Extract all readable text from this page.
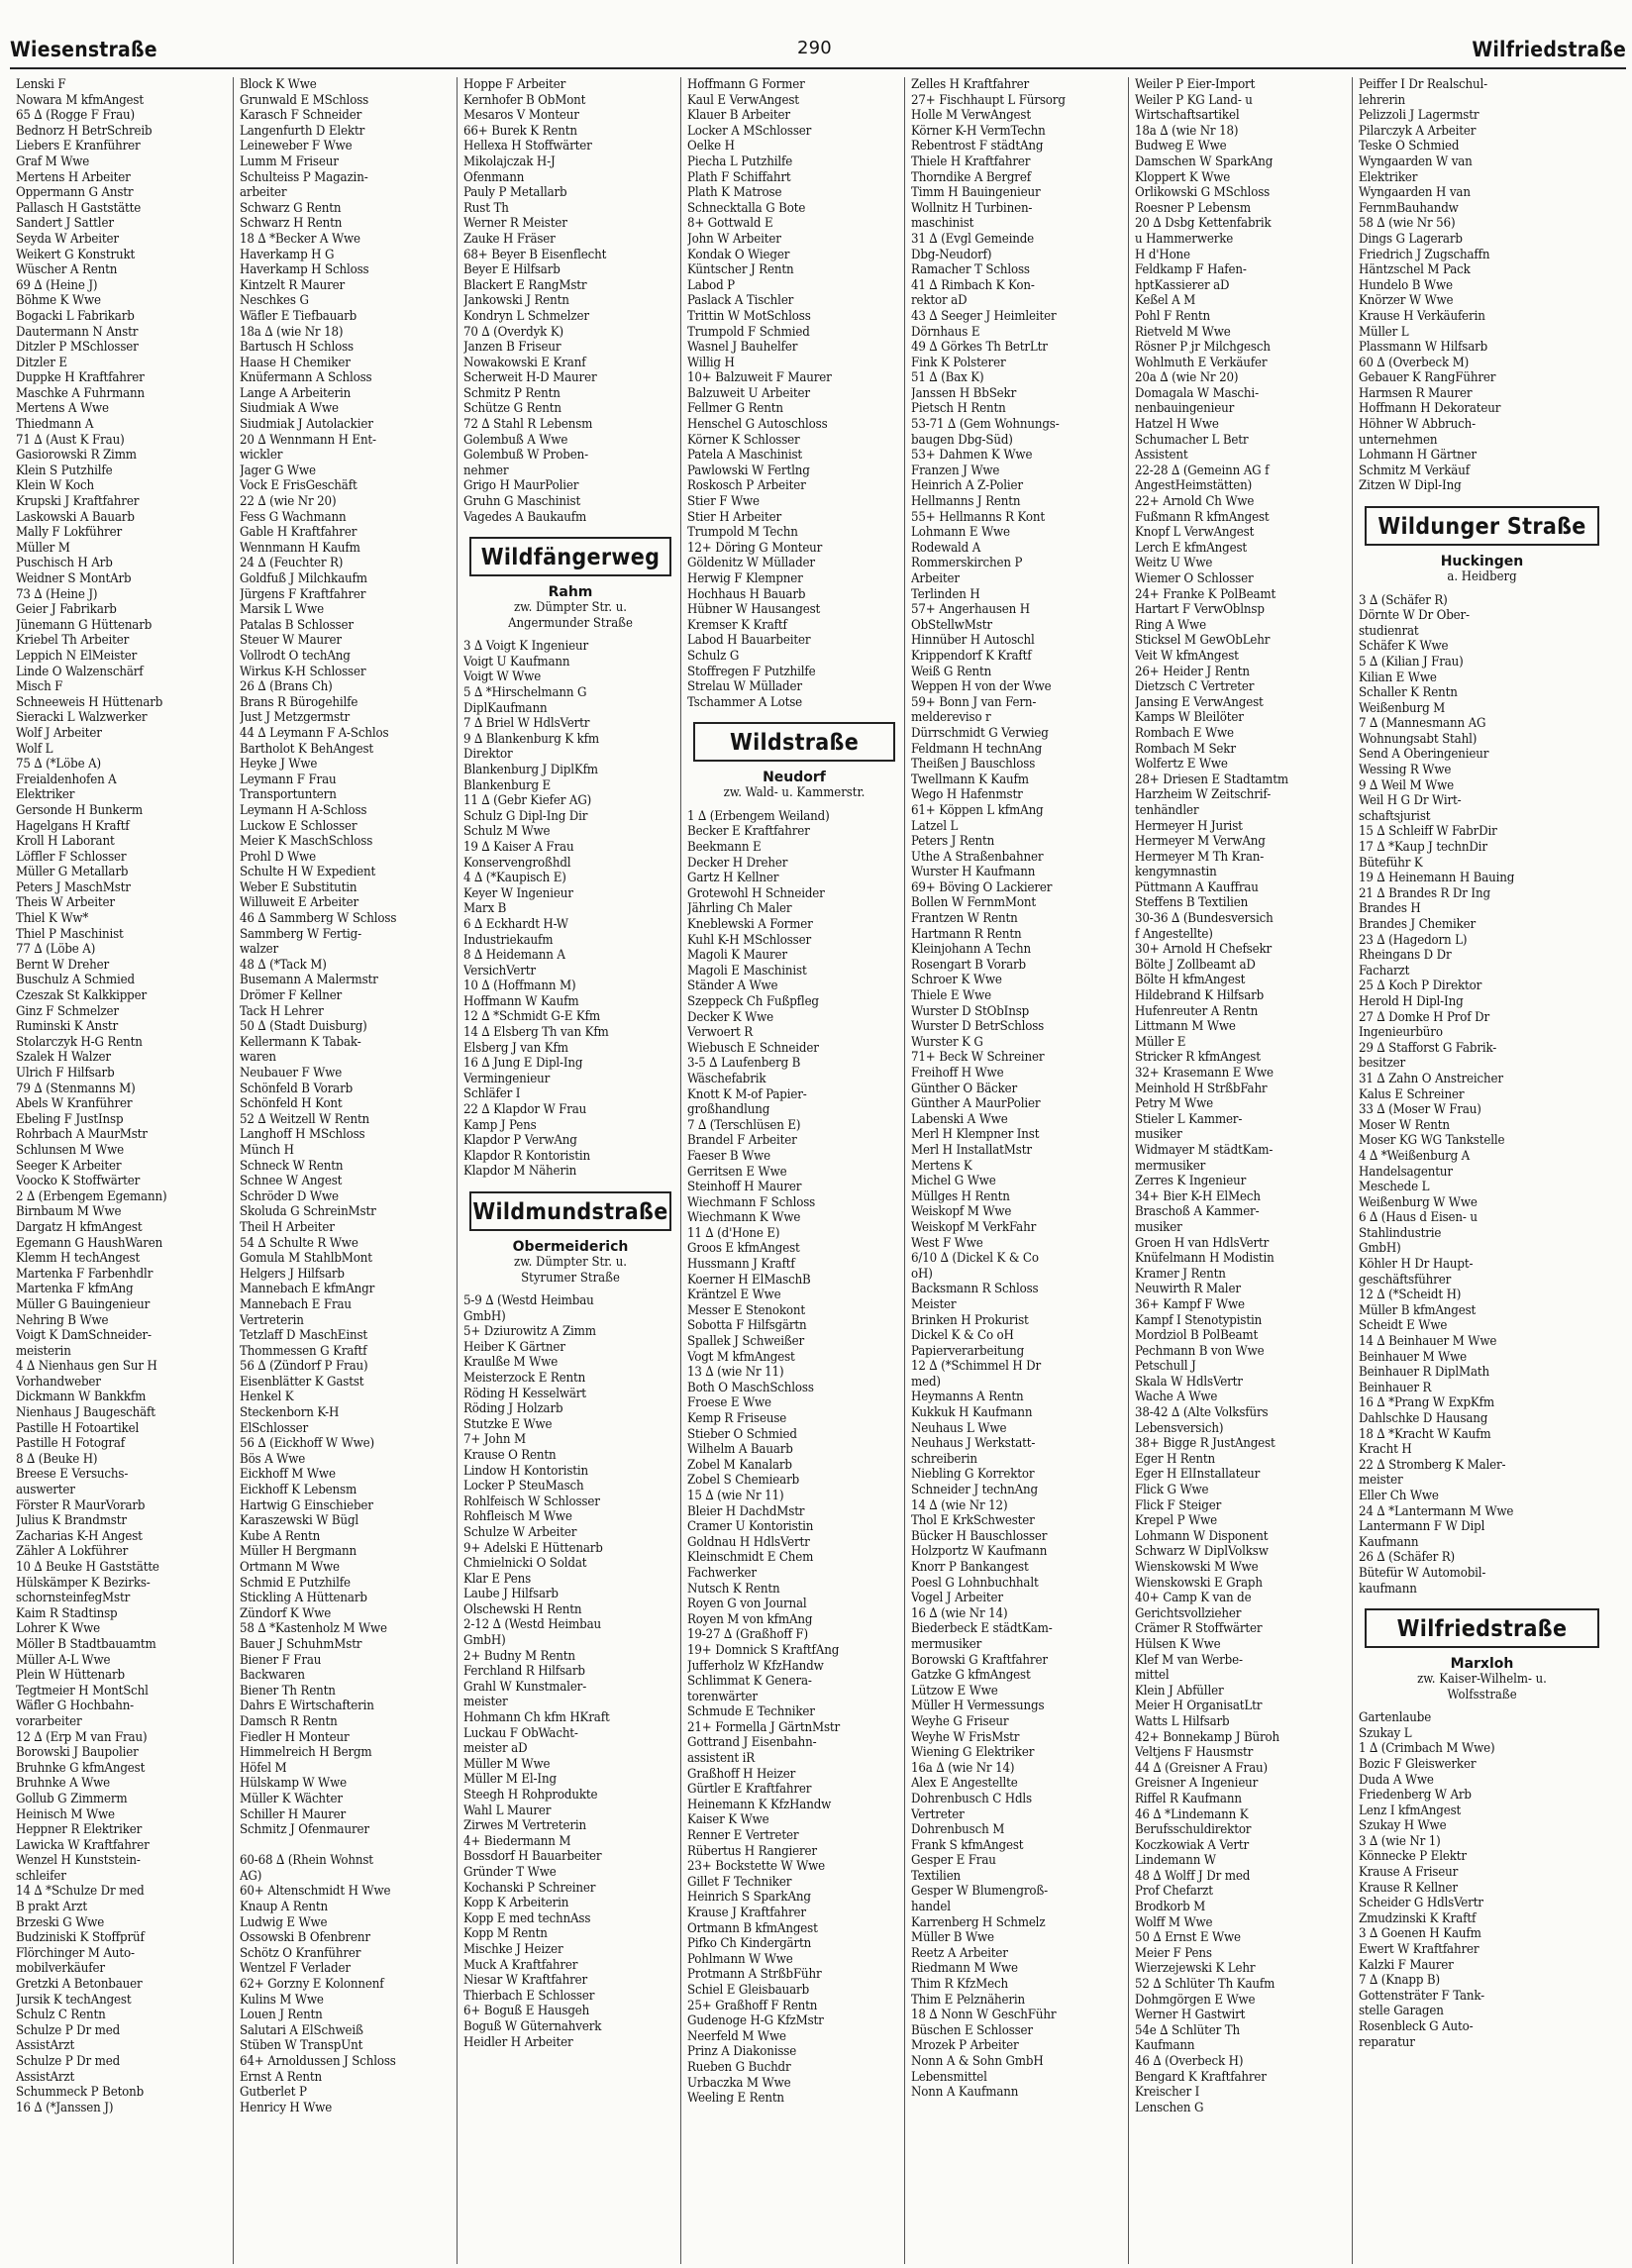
Wiesenstraße	290	Wilfriedstraße
Lenski F
Nowara M kfmAngest
65 ∆ (Rogge F Frau)
Bednorz H BetrSchreib
Liebers E Kranführer
Graf M Wwe
Mertens H Arbeiter
Oppermann G Anstr
Pallasch H Gaststätte
Sandert J Sattler
Seyda W Arbeiter
Weikert G Konstrukt
Wüscher A Rentn
69 ∆ (Heine J)
Böhme K Wwe
Bogacki L Fabrikarb
Dautermann N Anstr
Ditzler P MSchlosser
Ditzler E
Duppke H Kraftfahrer
Maschke A Fuhrmann
Mertens A Wwe
Thiedmann A
71 ∆ (Aust K Frau)
Gasiorowski R Zimm
Klein S Putzhilfe
Klein W Koch
Krupski J Kraftfahrer
Laskowski A Bauarb
Mally F Lokführer
Müller M
Puschisch H Arb
Weidner S MontArb
73 ∆ (Heine J)
Geier J Fabrikarb
Jünemann G Hüttenarb
Kriebel Th Arbeiter
Leppich N ElMeister
Linde O Walzenschärf
Misch F
Schneeweis H Hüttenarb
Sieracki L Walzwerker
Wolf J Arbeiter
Wolf L
75 ∆ (*Löbe A)
Freialdenhofen A
Elektriker
Gersonde H Bunkerm
Hagelgans H Kraftf
Kroll H Laborant
Löffler F Schlosser
Müller G Metallarb
Peters J MaschMstr
Theis W Arbeiter
Thiel K Ww*
Thiel P Maschinist
77 ∆ (Löbe A)
Bernt W Dreher
Buschulz A Schmied
Czeszak St Kalkkipper
Ginz F Schmelzer
Ruminski K Anstr
Stolarczyk H-G Rentn
Szalek H Walzer
Ulrich F Hilfsarb
79 ∆ (Stenmanns M)
Abels W Kranführer
Ebeling F JustInsp
Rohrbach A MaurMstr
Schlunsen M Wwe
Seeger K Arbeiter
Voocko K Stoffwärter
2 ∆ (Erbengem Egemann)
Birnbaum M Wwe
Dargatz H kfmAngest
Egemann G HaushWaren
Klemm H techAngest
Martenka F Farbenhdlr
Martenka F kfmAng
Müller G Bauingenieur
Nehring B Wwe
Voigt K DamSchneider-
meisterin
4 ∆ Nienhaus gen Sur H
Vorhandweber
Dickmann W Bankkfm
Nienhaus J Baugeschäft
Pastille H Fotoartikel
Pastille H Fotograf
8 ∆ (Beuke H)
Breese E Versuchs-
auswerter
Förster R MaurVorarb
Julius K Brandmstr
Zacharias K-H Angest
Zähler A Lokführer
10 ∆ Beuke H Gaststätte
Hülskämper K Bezirks-
schornsteinfegMstr
Kaim R Stadtinsp
Lohrer K Wwe
Möller B Stadtbauamtm
Müller A-L Wwe
Plein W Hüttenarb
Tegtmeier H MontSchl
Wäfler G Hochbahn-
vorarbeiter
12 ∆ (Erp M van Frau)
Borowski J Baupolier
Bruhnke G kfmAngest
Bruhnke A Wwe
Gollub G Zimmerm
Heinisch M Wwe
Heppner R Elektriker
Lawicka W Kraftfahrer
Wenzel H Kunststein-
schleifer
14 ∆ *Schulze Dr med
B prakt Arzt
Brzeski G Wwe
Budziniski K Stoffprüf
Flörchinger M Auto-
mobilverkäufer
Gretzki A Betonbauer
Jursik K techAngest
Schulz C Rentn
Schulze P Dr med
AssistArzt
Schulze P Dr med
AssistArzt
Schummeck P Betonb
16 ∆ (*Janssen J)
Block K Wwe
Grunwald E MSchloss
Karasch F Schneider
Langenfurth D Elektr
Leineweber F Wwe
Lumm M Friseur
Schulteiss P Magazin-
arbeiter
Schwarz G Rentn
Schwarz H Rentn
18 ∆ *Becker A Wwe
Haverkamp H G
Haverkamp H Schloss
Kintzelt R Maurer
Neschkes G
Wäfler E Tiefbauarb
18a ∆ (wie Nr 18)
Bartusch H Schloss
Haase H Chemiker
Knüfermann A Schloss
Lange A Arbeiterin
Siudmiak A Wwe
Siudmiak J Autolackier
20 ∆ Wennmann H Ent-
wickler
Jager G Wwe
Vock E FrisGeschäft
22 ∆ (wie Nr 20)
Fess G Wachmann
Gable H Kraftfahrer
Wennmann H Kaufm
24 ∆ (Feuchter R)
Goldfuß J Milchkaufm
Jürgens F Kraftfahrer
Marsik L Wwe
Patalas B Schlosser
Steuer W Maurer
Vollrodt O techAng
Wirkus K-H Schlosser
26 ∆ (Brans Ch)
Brans R Bürogehilfe
Just J Metzgermstr
44 ∆ Leymann F A-Schlos
Bartholot K BehAngest
Heyke J Wwe
Leymann F Frau
Transportuntern
Leymann H A-Schloss
Luckow E Schlosser
Meier K MaschSchloss
Prohl D Wwe
Schulte H W Expedient
Weber E Substitutin
Willuweit E Arbeiter
46 ∆ Sammberg W Schloss
Sammberg W Fertig-
walzer
48 ∆ (*Tack M)
Busemann A Malermstr
Drömer F Kellner
Tack H Lehrer
50 ∆ (Stadt Duisburg)
Kellermann K Tabak-
waren
Neubauer F Wwe
Schönfeld B Vorarb
Schönfeld H Kont
52 ∆ Weitzell W Rentn
Langhoff H MSchloss
Münch H
Schneck W Rentn
Schnee W Angest
Schröder D Wwe
Skoluda G SchreinMstr
Theil H Arbeiter
54 ∆ Schulte R Wwe
Gomula M StahlbMont
Helgers J Hilfsarb
Mannebach E kfmAngr
Mannebach E Frau
Vertreterin
Tetzlaff D MaschEinst
Thommessen G Kraftf
56 ∆ (Zündorf P Frau)
Eisenblätter K Gastst
Henkel K
Steckenborn K-H
ElSchlosser
56 ∆ (Eickhoff W Wwe)
Bös A Wwe
Eickhoff M Wwe
Eickhoff K Lebensm
Hartwig G Einschieber
Karaszewski W Bügl
Kube A Rentn
Müller H Bergmann
Ortmann M Wwe
Schmid E Putzhilfe
Stickling A Hüttenarb
Zündorf K Wwe
58 ∆ *Kastenholz M Wwe
Bauer J SchuhmMstr
Biener F Frau
Backwaren
Biener Th Rentn
Dahrs E Wirtschafterin
Damsch R Rentn
Fiedler H Monteur
Himmelreich H Bergm
Höfel M
Hülskamp W Wwe
Müller K Wächter
Schiller H Maurer
Schmitz J Ofenmaurer

60-68 ∆ (Rhein Wohnst
AG)
60+ Altenschmidt H Wwe
Knaup A Rentn
Ludwig E Wwe
Ossowski B Ofenbrenr
Schötz O Kranführer
Wentzel F Verlader
62+ Gorzny E Kolonnenf
Kulins M Wwe
Louen J Rentn
Salutari A ElSchweiß
Stüben W TranspUnt
64+ Arnoldussen J Schloss
Ernst A Rentn
Gutberlet P
Henricy H Wwe
Hoppe F Arbeiter
Kernhofer B ObMont
Mesaros V Monteur
66+ Burek K Rentn
Hellexa H Stoffwärter
Mikolajczak H-J
Ofenmann
Pauly P Metallarb
Rust Th
Werner R Meister
Zauke H Fräser
68+ Beyer B Eisenflecht
Beyer E Hilfsarb
Blackert E RangMstr
Jankowski J Rentn
Kondryn L Schmelzer
70 ∆ (Overdyk K)
Janzen B Friseur
Nowakowski E Kranf
Scherweit H-D Maurer
Schmitz P Rentn
Schütze G Rentn
72 ∆ Stahl R Lebensm
Golembuß A Wwe
Golembuß W Proben-
nehmer
Grigo H MaurPolier
Gruhn G Maschinist
Vagedes A Baukaufm
Wildfängerweg
Rahm
zw. Dümpter Str. u.
Angermunder Straße
3 ∆ Voigt K Ingenieur
Voigt U Kaufmann
Voigt W Wwe
5 ∆ *Hirschelmann G
DiplKaufmann
7 ∆ Briel W HdlsVertr
9 ∆ Blankenburg K kfm
Direktor
Blankenburg J DiplKfm
Blankenburg E
11 ∆ (Gebr Kiefer AG)
Schulz G Dipl-Ing Dir
Schulz M Wwe
19 ∆ Kaiser A Frau
Konservengroßhdl
4 ∆ (*Kaupisch E)
Keyer W Ingenieur
Marx B
6 ∆ Eckhardt H-W
Industriekaufm
8 ∆ Heidemann A
VersichVertr
10 ∆ (Hoffmann M)
Hoffmann W Kaufm
12 ∆ *Schmidt G-E Kfm
14 ∆ Elsberg Th van Kfm
Elsberg J van Kfm
16 ∆ Jung E Dipl-Ing
Vermingenieur
Schläfer I
22 ∆ Klapdor W Frau
Kamp J Pens
Klapdor P VerwAng
Klapdor R Kontoristin
Klapdor M Näherin
Wildmundstraße
Obermeiderich
zw. Dümpter Str. u.
Styrumer Straße
5-9 ∆ (Westd Heimbau
GmbH)
5+ Dziurowitz A Zimm
Heiber K Gärtner
Kraulße M Wwe
Meisterzock E Rentn
Röding H Kesselwärt
Röding J Holzarb
Stutzke E Wwe
7+ John M
Krause O Rentn
Lindow H Kontoristin
Locker P SteuMasch
Rohlfeisch W Schlosser
Rohfleisch M Wwe
Schulze W Arbeiter
9+ Adelski E Hüttenarb
Chmielnicki O Soldat
Klar E Pens
Laube J Hilfsarb
Olschewski H Rentn
2-12 ∆ (Westd Heimbau
GmbH)
2+ Budny M Rentn
Ferchland R Hilfsarb
Grahl W Kunstmaler-
meister
Hohmann Ch kfm HKraft
Luckau F ObWacht-
meister aD
Müller M Wwe
Müller M El-Ing
Steegh H Rohprodukte
Wahl L Maurer
Zirwes M Vertreterin
4+ Biedermann M
Bossdorf H Bauarbeiter
Gründer T Wwe
Kochanski P Schreiner
Kopp K Arbeiterin
Kopp E med technAss
Kopp M Rentn
Mischke J Heizer
Muck A Kraftfahrer
Niesar W Kraftfahrer
Thierbach E Schlosser
6+ Boguß E Hausgeh
Boguß W Güternahverk
Heidler H Arbeiter
Hoffmann G Former
Kaul E VerwAngest
Klauer B Arbeiter
Locker A MSchlosser
Oelke H
Piecha L Putzhilfe
Plath F Schiffahrt
Plath K Matrose
Schnecktalla G Bote
8+ Gottwald E
John W Arbeiter
Kondak O Wieger
Küntscher J Rentn
Labod P
Paslack A Tischler
Trittin W MotSchloss
Trumpold F Schmied
Wasnel J Bauhelfer
Willig H
10+ Balzuweit F Maurer
Balzuweit U Arbeiter
Fellmer G Rentn
Henschel G Autoschloss
Körner K Schlosser
Patela A Maschinist
Pawlowski W Fertlng
Roskosch P Arbeiter
Stier F Wwe
Stier H Arbeiter
Trumpold M Techn
12+ Döring G Monteur
Göldenitz W Müllader
Herwig F Klempner
Hochhaus H Bauarb
Hübner W Hausangest
Kremser K Kraftf
Labod H Bauarbeiter
Schulz G
Stoffregen F Putzhilfe
Strelau W Müllader
Tschammer A Lotse
Wildstraße
Neudorf
zw. Wald- u. Kammerstr.
1 ∆ (Erbengem Weiland)
Becker E Kraftfahrer
Beekmann E
Decker H Dreher
Gartz H Kellner
Grotewohl H Schneider
Jährling Ch Maler
Kneblewski A Former
Kuhl K-H MSchlosser
Magoli K Maurer
Magoli E Maschinist
Ständer A Wwe
Szeppeck Ch Fußpfleg
Decker K Wwe
Verwoert R
Wiebusch E Schneider
3-5 ∆ Laufenberg B
Wäschefabrik
Knott K M-of Papier-
großhandlung
7 ∆ (Terschlüsen E)
Brandel F Arbeiter
Faeser B Wwe
Gerritsen E Wwe
Steinhoff H Maurer
Wiechmann F Schloss
Wiechmann K Wwe
11 ∆ (d'Hone E)
Groos E kfmAngest
Hussmann J Kraftf
Koerner H ElMaschB
Kräntzel E Wwe
Messer E Stenokont
Sobotta F Hilfsgärtn
Spallek J Schweißer
Vogt M kfmAngest
13 ∆ (wie Nr 11)
Both O MaschSchloss
Froese E Wwe
Kemp R Friseuse
Stieber O Schmied
Wilhelm A Bauarb
Zobel M Kanalarb
Zobel S Chemiearb
15 ∆ (wie Nr 11)
Bleier H DachdMstr
Cramer U Kontoristin
Goldnau H HdlsVertr
Kleinschmidt E Chem
Fachwerker
Nutsch K Rentn
Royen G von Journal
Royen M von kfmAng
19-27 ∆ (Graßhoff F)
19+ Domnick S KraftfAng
Jufferholz W KfzHandw
Schlimmat K Genera-
torenwärter
Schmude E Techniker
21+ Formella J GärtnMstr
Gottrand J Eisenbahn-
assistent iR
Graßhoff H Heizer
Gürtler E Kraftfahrer
Heinemann K KfzHandw
Kaiser K Wwe
Renner E Vertreter
Rübertus H Rangierer
23+ Bockstette W Wwe
Gillet F Techniker
Heinrich S SparkAng
Krause J Kraftfahrer
Ortmann B kfmAngest
Pifko Ch Kindergärtn
Pohlmann W Wwe
Protmann A StrßbFühr
Schiel E Gleisbauarb
25+ Graßhoff F Rentn
Gudenoge H-G KfzMstr
Neerfeld M Wwe
Prinz A Diakonisse
Rueben G Buchdr
Urbaczka M Wwe
Weeling E Rentn
Zelles H Kraftfahrer
27+ Fischhaupt L Fürsorg
Holle M VerwAngest
Körner K-H VermTechn
Rebentrost F städtAng
Thiele H Kraftfahrer
Thorndike A Bergref
Timm H Bauingenieur
Wollnitz H Turbinen-
maschinist
31 ∆ (Evgl Gemeinde
Dbg-Neudorf)
Ramacher T Schloss
41 ∆ Rimbach K Kon-
rektor aD
43 ∆ Seeger J Heimleiter
Dörnhaus E
49 ∆ Görkes Th BetrLtr
Fink K Polsterer
51 ∆ (Bax K)
Janssen H BbSekr
Pietsch H Rentn
53-71 ∆ (Gem Wohnungs-
baugen Dbg-Süd)
53+ Dahmen K Wwe
Franzen J Wwe
Heinrich A Z-Polier
Hellmanns J Rentn
55+ Hellmanns R Kont
Lohmann E Wwe
Rodewald A
Rommerskirchen P
Arbeiter
Terlinden H
57+ Angerhausen H
ObStellwMstr
Hinnüber H Autoschl
Krippendorf K Kraftf
Weiß G Rentn
Weppen H von der Wwe
59+ Bonn J van Fern-
meldereviso r
Dürrschmidt G Verwieg
Feldmann H technAng
Theißen J Bauschloss
Twellmann K Kaufm
Wego H Hafenmstr
61+ Köppen L kfmAng
Latzel L
Peters J Rentn
Uthe A Straßenbahner
Wurster H Kaufmann
69+ Böving O Lackierer
Bollen W FernmMont
Frantzen W Rentn
Hartmann R Rentn
Kleinjohann A Techn
Rosengart B Vorarb
Schroer K Wwe
Thiele E Wwe
Wurster D StObInsp
Wurster D BetrSchloss
Wurster K G
71+ Beck W Schreiner
Freihoff H Wwe
Günther O Bäcker
Günther A MaurPolier
Labenski A Wwe
Merl H Klempner Inst
Merl H InstallatMstr
Mertens K
Michel G Wwe
Müllges H Rentn
Weiskopf M Wwe
Weiskopf M VerkFahr
West F Wwe
6/10 ∆ (Dickel K & Co
oH)
Backsmann R Schloss
Meister
Brinken H Prokurist
Dickel K & Co oH
Papierverarbeitung
12 ∆ (*Schimmel H Dr
med)
Heymanns A Rentn
Kukkuk H Kaufmann
Neuhaus L Wwe
Neuhaus J Werkstatt-
schreiberin
Niebling G Korrektor
Schneider J technAng
14 ∆ (wie Nr 12)
Thol E KrkSchwester
Bücker H Bauschlosser
Holzportz W Kaufmann
Knorr P Bankangest
Poesl G Lohnbuchhalt
Vogel J Arbeiter
16 ∆ (wie Nr 14)
Biederbeck E städtKam-
mermusiker
Borowski G Kraftfahrer
Gatzke G kfmAngest
Lützow E Wwe
Müller H Vermessungs
Weyhe G Friseur
Weyhe W FrisMstr
Wiening G Elektriker
16a ∆ (wie Nr 14)
Alex E Angestellte
Dohrenbusch C Hdls
Vertreter
Dohrenbusch M
Frank S kfmAngest
Gesper E Frau
Textilien
Gesper W Blumengroß-
handel
Karrenberg H Schmelz
Müller B Wwe
Reetz A Arbeiter
Riedmann M Wwe
Thim R KfzMech
Thim E Pelznäherin
18 ∆ Nonn W GeschFühr
Büschen E Schlosser
Mrozek P Arbeiter
Nonn A & Sohn GmbH
Lebensmittel
Nonn A Kaufmann
Weiler P Eier-Import
Weiler P KG Land- u
Wirtschaftsartikel
18a ∆ (wie Nr 18)
Budweg E Wwe
Damschen W SparkAng
Kloppert K Wwe
Orlikowski G MSchloss
Roesner P Lebensm
20 ∆ Dsbg Kettenfabrik
u Hammerwerke
H d'Hone
Feldkamp F Hafen-
hptKassierer aD
Keßel A M
Pohl F Rentn
Rietveld M Wwe
Rösner P jr Milchgesch
Wohlmuth E Verkäufer
20a ∆ (wie Nr 20)
Domagala W Maschi-
nenbauingenieur
Hatzel H Wwe
Schumacher L Betr
Assistent
22-28 ∆ (Gemeinn AG f
AngestHeimstätten)
22+ Arnold Ch Wwe
Fußmann R kfmAngest
Knopf L VerwAngest
Lerch E kfmAngest
Weitz U Wwe
Wiemer O Schlosser
24+ Franke K PolBeamt
Hartart F VerwOblnsp
Ring A Wwe
Sticksel M GewObLehr
Veit W kfmAngest
26+ Heider J Rentn
Dietzsch C Vertreter
Jansing E VerwAngest
Kamps W Bleilöter
Rombach E Wwe
Rombach M Sekr
Wolfertz E Wwe
28+ Driesen E Stadtamtm
Harzheim W Zeitschrif-
tenhändler
Hermeyer H Jurist
Hermeyer M VerwAng
Hermeyer M Th Kran-
kengymnastin
Püttmann A Kauffrau
Steffens B Textilien
30-36 ∆ (Bundesversich
f Angestellte)
30+ Arnold H Chefsekr
Bölte J Zollbeamt aD
Bölte H kfmAngest
Hildebrand K Hilfsarb
Hufenreuter A Rentn
Littmann M Wwe
Müller E
Stricker R kfmAngest
32+ Krasemann E Wwe
Meinhold H StrßbFahr
Petry M Wwe
Stieler L Kammer-
musiker
Widmayer M städtKam-
mermusiker
Zerres K Ingenieur
34+ Bier K-H ElMech
Braschoß A Kammer-
musiker
Groen H van HdlsVertr
Knüfelmann H Modistin
Kramer J Rentn
Neuwirth R Maler
36+ Kampf F Wwe
Kampf I Stenotypistin
Mordziol B PolBeamt
Pechmann B von Wwe
Petschull J
Skala W HdlsVertr
Wache A Wwe
38-42 ∆ (Alte Volksfürs
Lebensversich)
38+ Bigge R JustAngest
Eger H Rentn
Eger H ElInstallateur
Flick G Wwe
Flick F Steiger
Krepel P Wwe
Lohmann W Disponent
Schwarz W DiplVolksw
Wienskowski M Wwe
Wienskowski E Graph
40+ Camp K van de
Gerichtsvollzieher
Crämer R Stoffwärter
Hülsen K Wwe
Klef M van Werbe-
mittel
Klein J Abfüller
Meier H OrganisatLtr
Watts L Hilfsarb
42+ Bonnekamp J Büroh
Veltjens F Hausmstr
44 ∆ (Greisner A Frau)
Greisner A Ingenieur
Riffel R Kaufmann
46 ∆ *Lindemann K
Berufsschuldirektor
Koczkowiak A Vertr
Lindemann W
48 ∆ Wolff J Dr med
Prof Chefarzt
Brodkorb M
Wolff M Wwe
50 ∆ Ernst E Wwe
Meier F Pens
Wierzejewski K Lehr
52 ∆ Schlüter Th Kaufm
Dohmgörgen E Wwe
Werner H Gastwirt
54e ∆ Schlüter Th
Kaufmann
46 ∆ (Overbeck H)
Bengard K Kraftfahrer
Kreischer I
Lenschen G
Peiffer I Dr Realschul-
lehrerin
Pelizzoli J Lagermstr
Pilarczyk A Arbeiter
Teske O Schmied
Wyngaarden W van
Elektriker
Wyngaarden H van
FernmBauhandw
58 ∆ (wie Nr 56)
Dings G Lagerarb
Friedrich J Zugschaffn
Häntzschel M Pack
Hundelo B Wwe
Knörzer W Wwe
Krause H Verkäuferin
Müller L
Plassmann W Hilfsarb
60 ∆ (Overbeck M)
Gebauer K RangFührer
Harmsen R Maurer
Hoffmann H Dekorateur
Höhner W Abbruch-
unternehmen
Lohmann H Gärtner
Schmitz M Verkäuf
Zitzen W Dipl-Ing
Wildunger Straße
Huckingen
a. Heidberg
3 ∆ (Schäfer R)
Dörnte W Dr Ober-
studienrat
Schäfer K Wwe
5 ∆ (Kilian J Frau)
Kilian E Wwe
Schaller K Rentn
Weißenburg M
7 ∆ (Mannesmann AG
Wohnungsabt Stahl)
Send A Oberingenieur
Wessing R Wwe
9 ∆ Weil M Wwe
Weil H G Dr Wirt-
schaftsjurist
15 ∆ Schleiff W FabrDir
17 ∆ *Kaup J technDir
Büteführ K
19 ∆ Heinemann H Bauing
21 ∆ Brandes R Dr Ing
Brandes H
Brandes J Chemiker
23 ∆ (Hagedorn L)
Rheingans D Dr
Facharzt
25 ∆ Koch P Direktor
Herold H Dipl-Ing
27 ∆ Domke H Prof Dr
Ingenieurbüro
29 ∆ Stafforst G Fabrik-
besitzer
31 ∆ Zahn O Anstreicher
Kalus E Schreiner
33 ∆ (Moser W Frau)
Moser W Rentn
Moser KG WG Tankstelle
4 ∆ *Weißenburg A
Handelsagentur
Meschede L
Weißenburg W Wwe
6 ∆ (Haus d Eisen- u
Stahlindustrie
GmbH)
Köhler H Dr Haupt-
geschäftsführer
12 ∆ (*Scheidt H)
Müller B kfmAngest
Scheidt E Wwe
14 ∆ Beinhauer M Wwe
Beinhauer M Wwe
Beinhauer R DiplMath
Beinhauer R
16 ∆ *Prang W ExpKfm
Dahlschke D Hausang
18 ∆ *Kracht W Kaufm
Kracht H
22 ∆ Stromberg K Maler-
meister
Eller Ch Wwe
24 ∆ *Lantermann M Wwe
Lantermann F W Dipl
Kaufmann
26 ∆ (Schäfer R)
Bütefür W Automobil-
kaufmann
Wilfriedstraße
Marxloh
zw. Kaiser-Wilhelm- u.
Wolfsstraße
Gartenlaube
Szukay L
1 ∆ (Crimbach M Wwe)
Bozic F Gleiswerker
Duda A Wwe
Friedenberg W Arb
Lenz I kfmAngest
Szukay H Wwe
3 ∆ (wie Nr 1)
Könnecke P Elektr
Krause A Friseur
Krause R Kellner
Scheider G HdlsVertr
Zmudzinski K Kraftf
3 ∆ Goenen H Kaufm
Ewert W Kraftfahrer
Kalzki F Maurer
7 ∆ (Knapp B)
Gottensträter F Tank-
stelle Garagen
Rosenbleck G Auto-
reparatur
